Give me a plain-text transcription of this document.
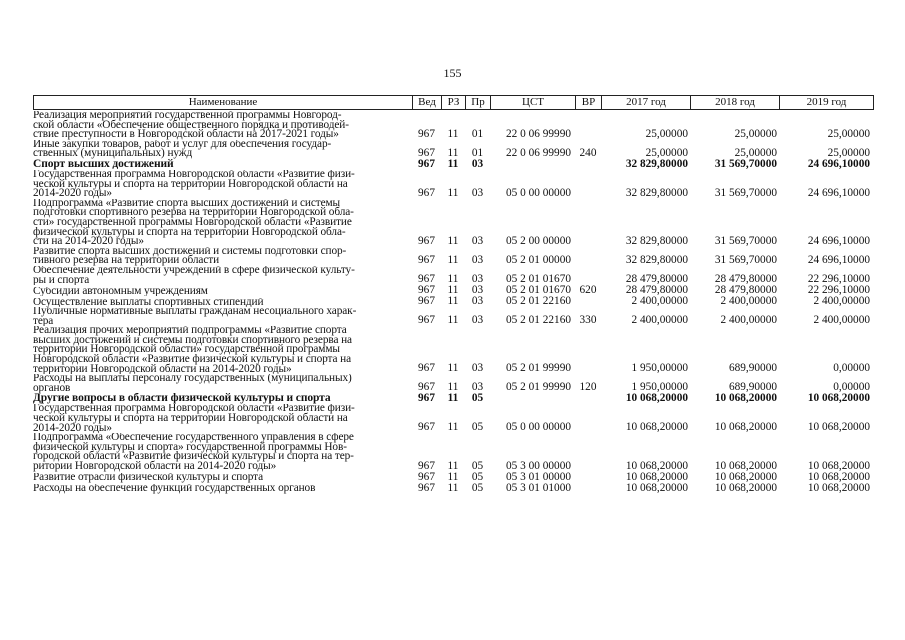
155
Наименование	Вед	РЗ	Пр	ЦСТ	ВР	2017 год	2018 год	2019 год
Реализация мероприятий государственной программы Новгород-
ской области «Обеспечение общественного порядка и противодей-
ствие преступности в Новгородской области на 2017-2021 годы»	967	11	01	22 0 06 99990	25,00000	25,00000	25,00000
Иные закупки товаров, работ и услуг для обеспечения государ-
ственных (муниципальных) нужд	967	11	01	22 0 06 99990 240	25,00000	25,00000	25,00000
Спорт высших достижений	967	11	03	32 829,80000	31 569,70000	24 696,10000
Государственная программа Новгородской области «Развитие физи-
ческой культуры и спорта на территории Новгородской области на
2014-2020 годы»	967	11	03	05 0 00 00000	32 829,80000	31 569,70000	24 696,10000
Подпрограмма «Развитие спорта высших достижений и системы
подготовки спортивного резерва на территории Новгородской обла-
сти» государственной программы Новгородской области «Развитие
физической культуры и спорта на территории Новгородской обла-
сти на 2014-2020 годы»	967	11	03	05 2 00 00000	32 829,80000	31 569,70000	24 696,10000
Развитие спорта высших достижений и системы подготовки спор-
тивного резерва на территории области	967	11	03	05 2 01 00000	32 829,80000	31 569,70000	24 696,10000
Обеспечение деятельности учреждений в сфере физической культу-
ры и спорта	967	11	03	05 2 01 01670	28 479,80000	28 479,80000	22 296,10000
Субсидии автономным учреждениям	967	11	03	05 2 01 01670 620	28 479,80000	28 479,80000	22 296,10000
Осуществление выплаты спортивных стипендий	967	11	03	05 2 01 22160	2 400,00000	2 400,00000	2 400,00000
Публичные нормативные выплаты гражданам несоциального харак-
тера	967	11	03	05 2 01 22160 330	2 400,00000	2 400,00000	2 400,00000
Реализация прочих мероприятий подпрограммы «Развитие спорта
высших достижений и системы подготовки спортивного резерва на
территории Новгородской области» государственной программы
Новгородской области «Развитие физической культуры и спорта на
территории Новгородской области на 2014-2020 годы»	967	11	03	05 2 01 99990	1 950,00000	689,90000	0,00000
Расходы на выплаты персоналу государственных (муниципальных)
органов	967	11	03	05 2 01 99990 120	1 950,00000	689,90000	0,00000
Другие вопросы в области физической культуры и спорта	967	11	05	10 068,20000	10 068,20000	10 068,20000
Государственная программа Новгородской области «Развитие физи-
ческой культуры и спорта на территории Новгородской области на
2014-2020 годы»	967	11	05	05 0 00 00000	10 068,20000	10 068,20000	10 068,20000
Подпрограмма «Обеспечение государственного управления в сфере
физической культуры и спорта» государственной программы Нов-
городской области «Развитие физической культуры и спорта на тер-
ритории Новгородской области на 2014-2020 годы»	967	11	05	05 3 00 00000	10 068,20000	10 068,20000	10 068,20000
Развитие отрасли физической культуры и спорта	967	11	05	05 3 01 00000	10 068,20000	10 068,20000	10 068,20000
Расходы на обеспечение функций государственных органов	967	11	05	05 3 01 01000	10 068,20000	10 068,20000	10 068,20000
